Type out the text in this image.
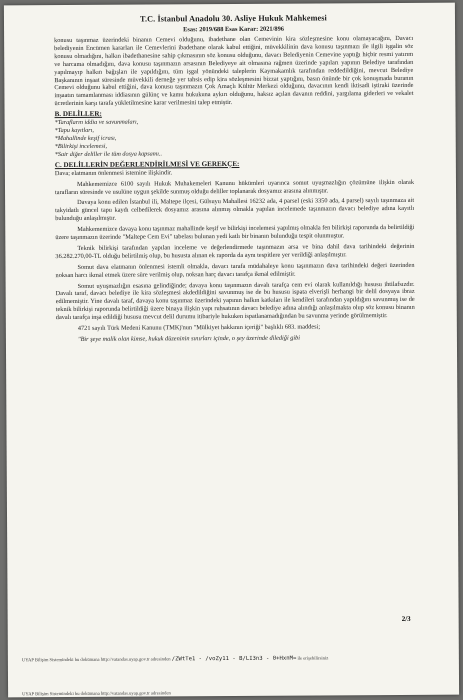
T.C. İstanbul Anadolu 30. Asliye Hukuk Mahkemesi
Esas: 2019/688 Esas Karar: 2021/896

konusu taşınmaz üzerindeki binanın Cemevi olduğunu, ibadethane olan Cemevinin kira sözleşmesine konu olamayacağını, Davacı belediyenin Encümen kararları ile Cemevlerini ibadethane olarak kabul ettiğini, müvekkilinin dava konusu taşınmazı ile ilgili işgalin söz konusu olmadığını, halkın ibadethanesine sahip çıkmasının söz konusu olduğunu, davacı Belediyenin Cemevine yaptığı hiçbir resmi yatırım ve harcama olmadığını, dava konusu taşınmazın arsasının Belediyeye ait olmasına rağmen üzerinde yapıları yapının Belediye tarafından yapılmayıp halkın bağışları ile yapıldığını, tüm işgal yönündeki taleplerin Kaymakamlık tarafından reddedildiğini, mevcut Belediye Başkanının inşaat süresinde müvekkili derneğe yer tahsis edip kira sözleşmesini bizzat yaptığını, basın önünde bir çok konuşmada buranın Cemevi olduğunu kabul ettiğini, dava konusu taşınmazın Çok Amaçlı Kültür Merkezi olduğunu, davacının kendi iktisadi iştiraki üzerinde inşaatın tamamlanması iddiasının gülünç ve kamu hukukuna aykırı olduğunu, haksız açılan davanın reddini, yargılama giderleri ve vekalet ücretlerinin karşı tarafa yükletilmesine karar verilmesini talep etmiştir.

B. DELİLLER:
*Tarafların iddia ve savunmaları,
*Tapu kayıtları,
*Mahallinde keşif icrası,
*Bilirkişi incelemesi,
*Sair diğer deliller ile tüm dosya kapsamı..
C. DELİLLERİN DEĞERLENDİRİLMESİ VE GEREKÇE:

Dava; elatmanın önlenmesi istemine ilişkindir.

Mahkememizce 6100 sayılı Hukuk Muhakemeleri Kanunu hükümleri uyarınca somut uyuşmazlığın çözümüne ilişkin olarak tarafların süresinde ve usulüne uygun şekilde sunmuş olduğu deliller toplanarak dosyamız arasına alınmıştır.

Davaya konu edilen İstanbul ili, Maltepe ilçesi, Gülsuyu Mahallesi 16232 ada, 4 parsel (eski 3350 ada, 4 parsel) sayılı taşınmaza ait takyidatlı güncel tapu kaydı celbedilerek dosyamız arasına alınmış olmakla yapılan incelemede taşınmazın davacı belediye adına kayıtlı bulunduğu anlaşılmıştır.

Mahkememizce davaya konu taşınmaz mahallinde keşif ve bilirkişi incelemesi yapılmış olmakla fen bilirkişi raporunda da belirtildiği üzere taşınmazın üzerinde "Maltepe Cem Evi" tabelası bulunan yedi katlı bir binanın bulunduğu tespit olunmuştur.

Teknik bilirkişi tarafından yapılan inceleme ve değerlendirmede taşınmazın arsa ve bina dahil dava tarihindeki değerinin 36.282.270,00-TL olduğu belirtilmiş olup, bu hususta alınan ek raporda da aynı tespitlere yer verildiği anlaşılmıştır.

Somut dava elatmanın önlenmesi istemli olmakla, davacı tarafa müdahaleye konu taşınmazın dava tarihindeki değeri üzerinden noksan harcı ikmal etmek üzere süre verilmiş olup, noksan harç davacı tarafça ikmal edilmiştir.

Somut uyuşmazlığın esasına gelindiğinde; davaya konu taşınmazın davalı tarafça cem evi olarak kullanıldığı hususu ihtilafsızdır. Davalı taraf, davacı belediye ile kira sözleşmesi akdedildiğini savunmuş ise de bu hususu ispata elverişli herhangi bir delil dosyaya ibraz edilmemiştir. Yine davalı taraf, davaya konu taşınmaz üzerindeki yapının halkın katkıları ile kendileri tarafından yapıldığını savunmuş ise de teknik bilirkişi raporunda belirtildiği üzere binaya ilişkin yapı ruhsatının davacı belediye adına alındığı anlaşılmakta olup söz konusu binanın davalı tarafça inşa edildiği hususu mevcut delil durumu itibariyle hukuken ispatlanamadığından bu savunma yerinde görülmemiştir.

4721 sayılı Türk Medeni Kanunu (TMK)'nun "Mülkiyet hakkının içeriği" başlıklı 683. maddesi;

"Bir şeye malik olan kimse, hukuk düzeninin sınırları içinde, o şey üzerinde dilediği gibi

2/3
UYAP Bilişim Sistemindeki bu dokümana http://vatandas.uyap.gov.tr adresinden /ZWtTe1 - /voZy11 - B/LI3n3 - 0+HxnM= ile erişebilirsiniz
UYAP Bilişim Sistemindeki bu dokümana http://vatandas.uyap.gov.tr adresinden
